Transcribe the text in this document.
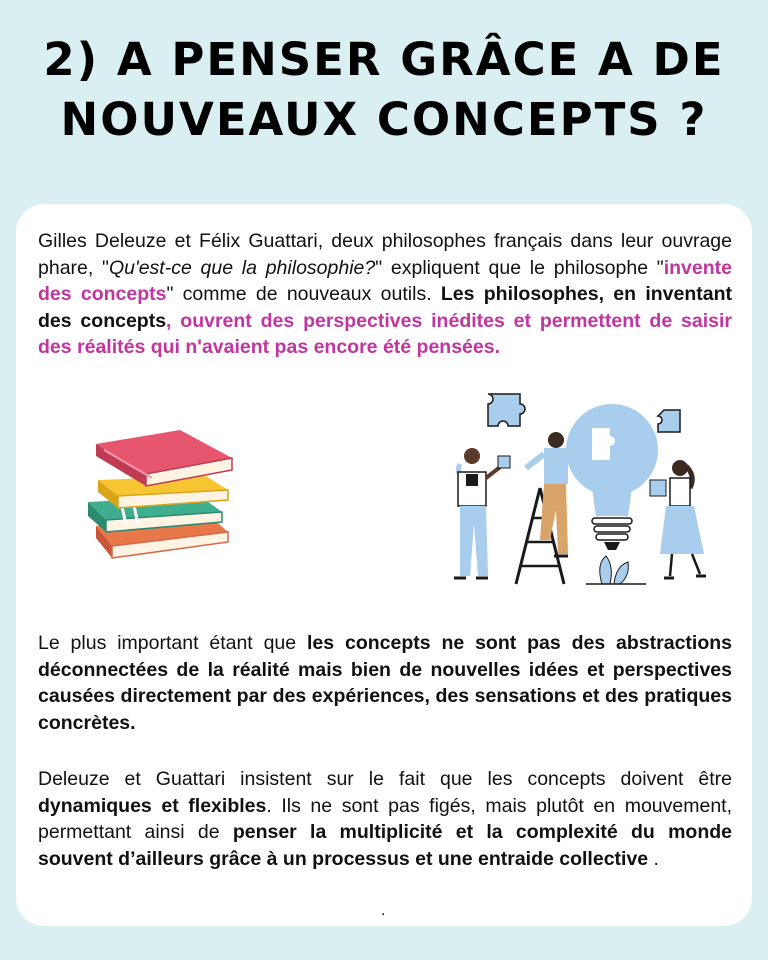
2) A PENSER GRÂCE A DE
NOUVEAUX CONCEPTS ?

Gilles Deleuze et Félix Guattari, deux philosophes français dans leur ouvrage phare, "Qu'est-ce que la philosophie?" expliquent que le philosophe "invente des concepts" comme de nouveaux outils. Les philosophes, en inventant des concepts, ouvrent des perspectives inédites et permettent de saisir des réalités qui n'avaient pas encore été pensées.

Le plus important étant que les concepts ne sont pas des abstractions déconnectées de la réalité mais bien de nouvelles idées et perspectives causées directement par des expériences, des sensations et des pratiques concrètes.

Deleuze et Guattari insistent sur le fait que les concepts doivent être dynamiques et flexibles. Ils ne sont pas figés, mais plutôt en mouvement, permettant ainsi de penser la multiplicité et la complexité du monde souvent d’ailleurs grâce à un processus et une entraide collective .

.
